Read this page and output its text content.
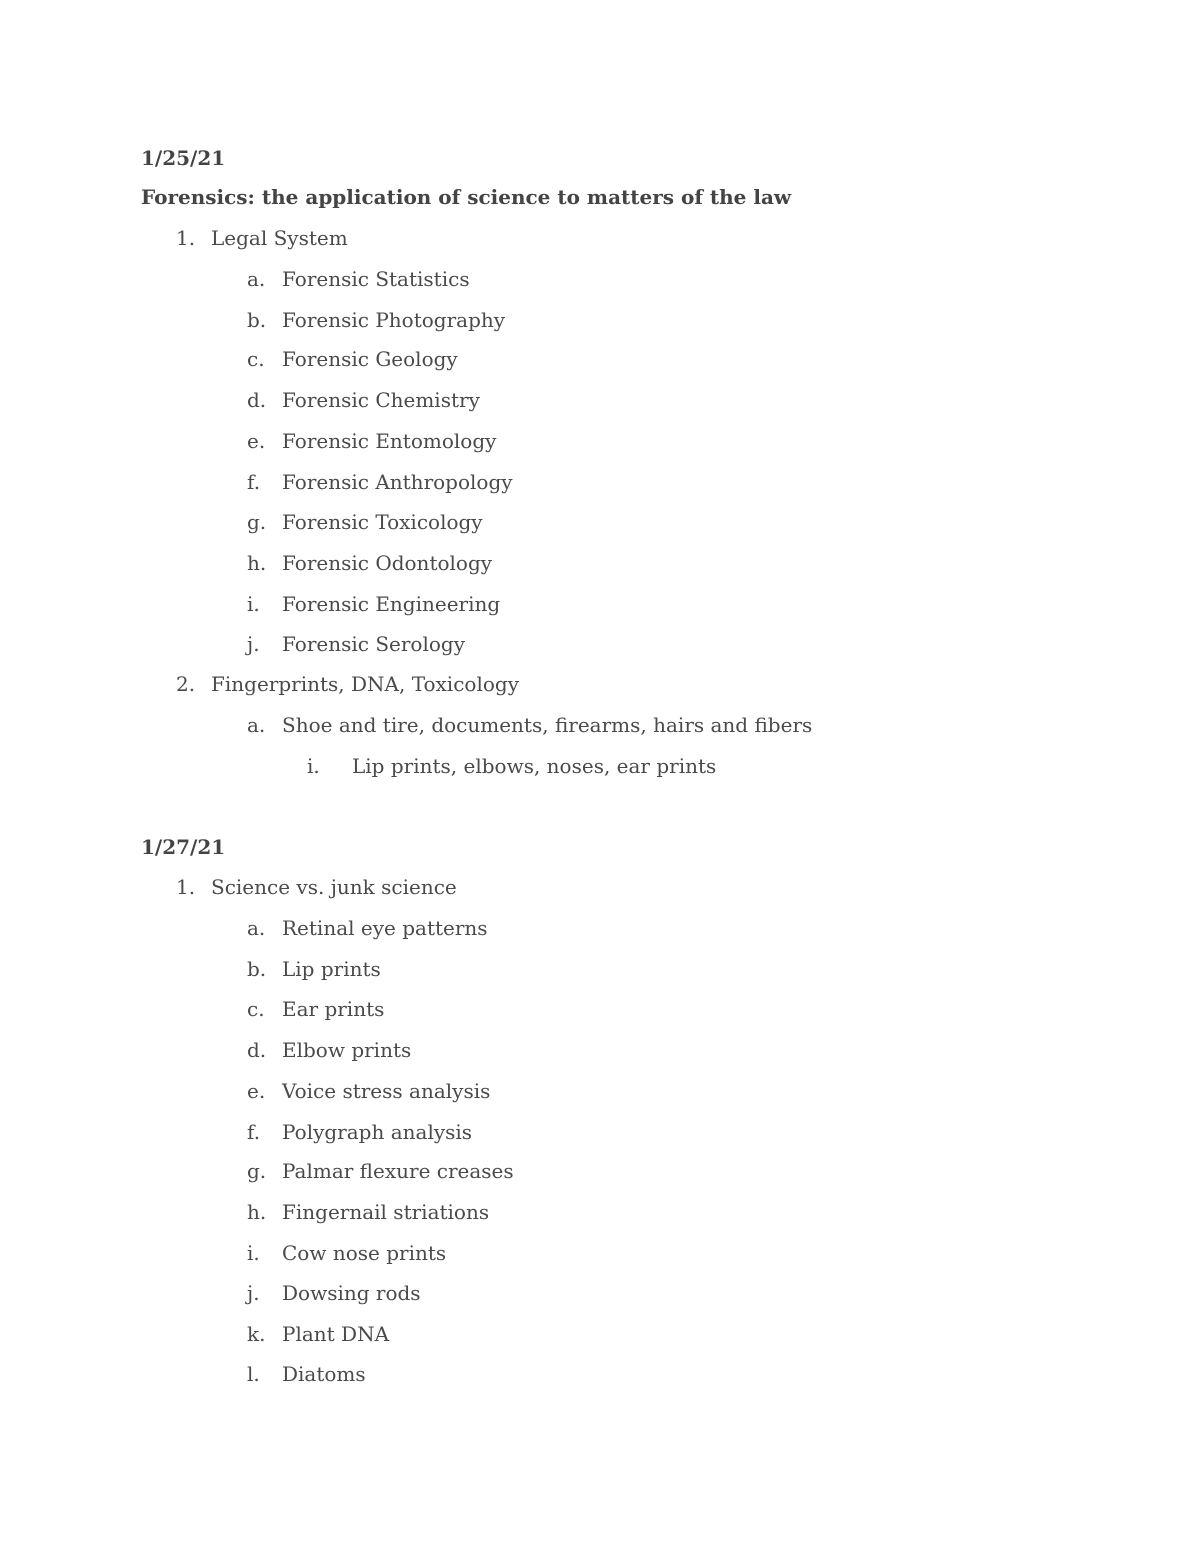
1/25/21
Forensics: the application of science to matters of the law
1. Legal System
a. Forensic Statistics
b. Forensic Photography
c. Forensic Geology
d. Forensic Chemistry
e. Forensic Entomology
f. Forensic Anthropology
g. Forensic Toxicology
h. Forensic Odontology
i. Forensic Engineering
j. Forensic Serology
2. Fingerprints, DNA, Toxicology
a. Shoe and tire, documents, firearms, hairs and fibers
i. Lip prints, elbows, noses, ear prints
1/27/21
1. Science vs. junk science
a. Retinal eye patterns
b. Lip prints
c. Ear prints
d. Elbow prints
e. Voice stress analysis
f. Polygraph analysis
g. Palmar flexure creases
h. Fingernail striations
i. Cow nose prints
j. Dowsing rods
k. Plant DNA
l. Diatoms
